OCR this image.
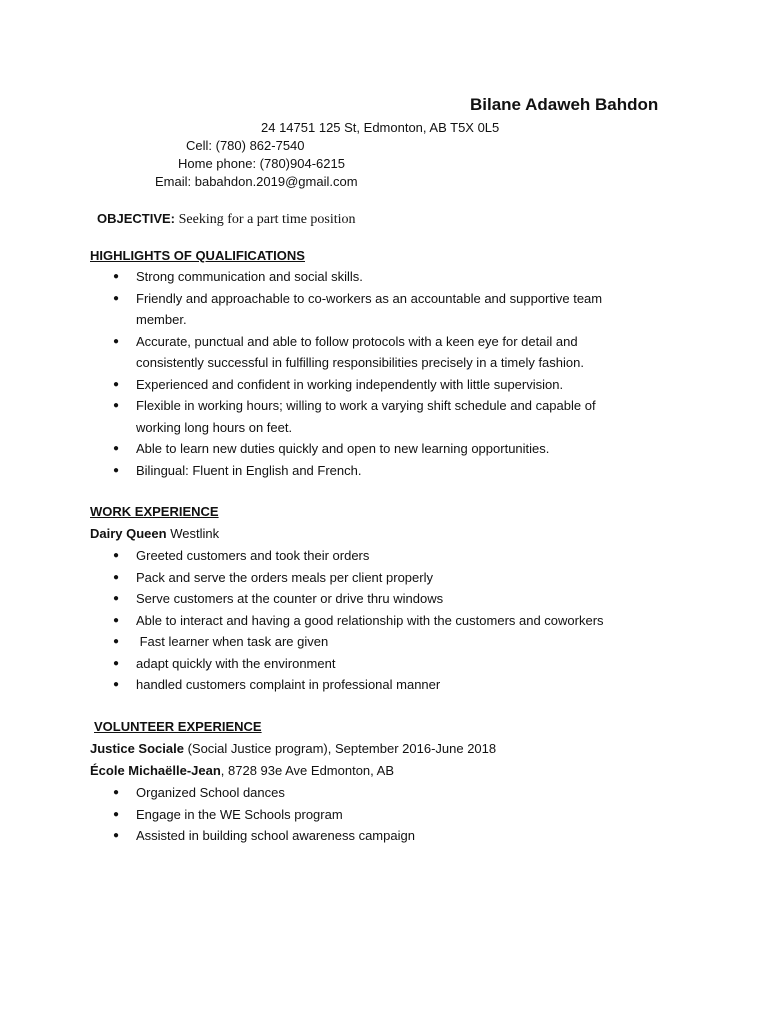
Bilane Adaweh Bahdon
24 14751 125 St, Edmonton, AB T5X 0L5
Cell: (780) 862-7540
Home phone: (780)904-6215
Email: babahdon.2019@gmail.com
OBJECTIVE: Seeking for a part time position
HIGHLIGHTS OF QUALIFICATIONS
● Strong communication and social skills.
● Friendly and approachable to co-workers as an accountable and supportive team
member.
● Accurate, punctual and able to follow protocols with a keen eye for detail and
consistently successful in fulfilling responsibilities precisely in a timely fashion.
● Experienced and confident in working independently with little supervision.
● Flexible in working hours; willing to work a varying shift schedule and capable of
working long hours on feet.
● Able to learn new duties quickly and open to new learning opportunities.
● Bilingual: Fluent in English and French.
WORK EXPERIENCE
Dairy Queen Westlink
● Greeted customers and took their orders
● Pack and serve the orders meals per client properly
● Serve customers at the counter or drive thru windows
● Able to interact and having a good relationship with the customers and coworkers
● Fast learner when task are given
● adapt quickly with the environment
● handled customers complaint in professional manner
VOLUNTEER EXPERIENCE
Justice Sociale (Social Justice program), September 2016-June 2018
École Michaëlle-Jean, 8728 93e Ave Edmonton, AB
● Organized School dances
● Engage in the WE Schools program
● Assisted in building school awareness campaign
